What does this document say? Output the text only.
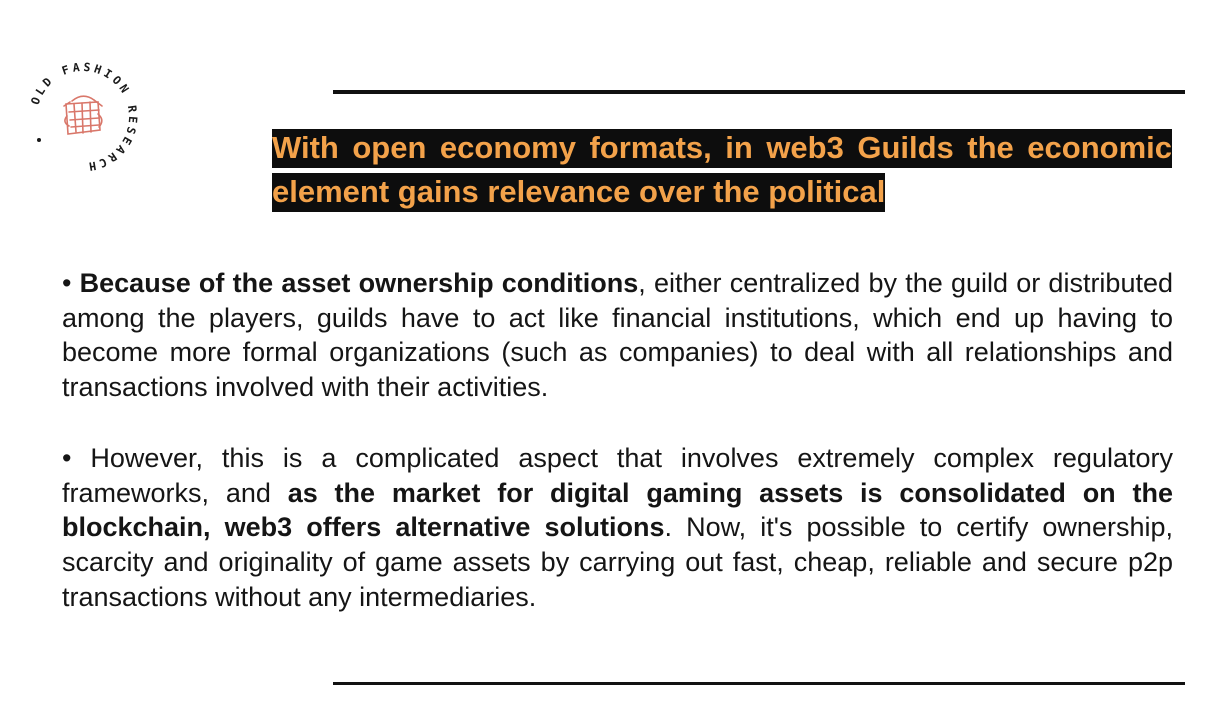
OLD FASHION RESEARCH
With open economy formats, in web3 Guilds the economic element gains relevance over the political

• Because of the asset ownership conditions, either centralized by the guild or distributed among the players, guilds have to act like financial institutions, which end up having to become more formal organizations (such as companies) to deal with all relationships and transactions involved with their activities.

• However, this is a complicated aspect that involves extremely complex regulatory frameworks, and as the market for digital gaming assets is consolidated on the blockchain, web3 offers alternative solutions. Now, it's possible to certify ownership, scarcity and originality of game assets by carrying out fast, cheap, reliable and secure p2p transactions without any intermediaries.
